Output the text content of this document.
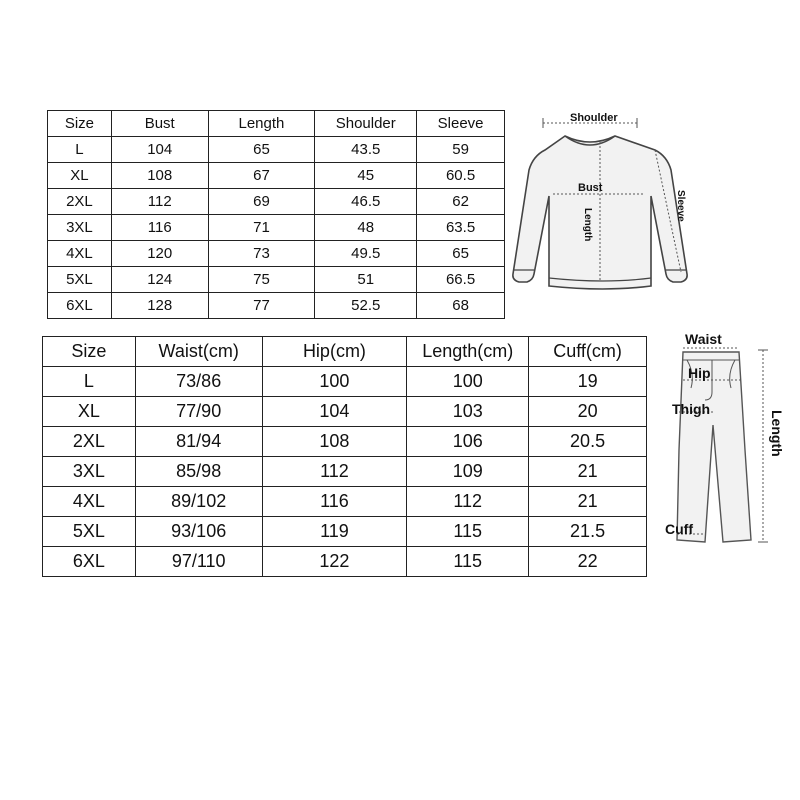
Size	Bust	Length	Shoulder	Sleeve
L	104	65	43.5	59
XL	108	67	45	60.5
2XL	112	69	46.5	62
3XL	116	71	48	63.5
4XL	120	73	49.5	65
5XL	124	75	51	66.5
6XL	128	77	52.5	68
Shoulder
Bust
Length
Sleeve
Size	Waist(cm)	Hip(cm)	Length(cm)	Cuff(cm)
L	73/86	100	100	19
XL	77/90	104	103	20
2XL	81/94	108	106	20.5
3XL	85/98	112	109	21
4XL	89/102	116	112	21
5XL	93/106	119	115	21.5
6XL	97/110	122	115	22
Waist
Hip
Thigh
Cuff
Length
